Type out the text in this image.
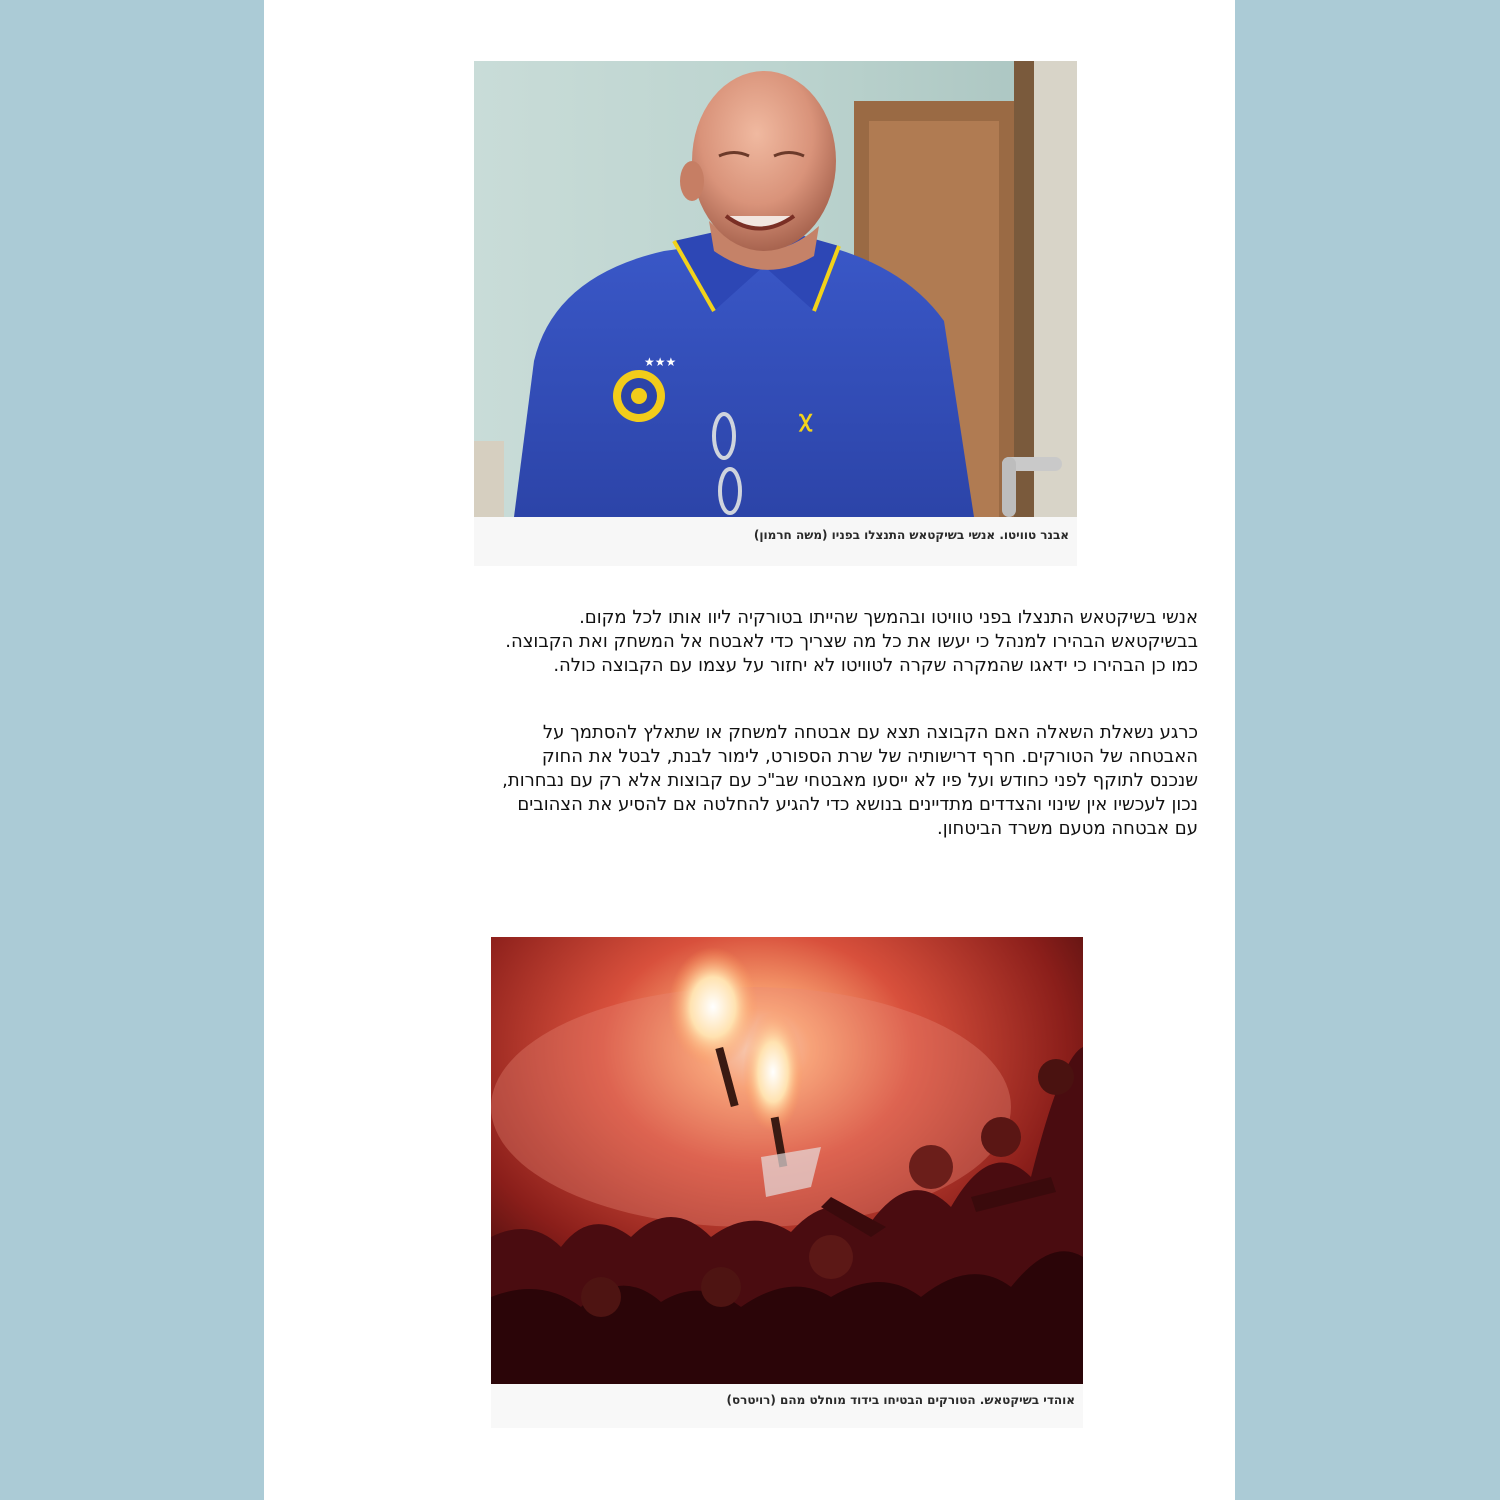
★★★
ꭓ
אבנר טוויטו. אנשי בשיקטאש התנצלו בפניו (משה חרמון)
אנשי בשיקטאש התנצלו בפני טוויטו ובהמשך שהייתו בטורקיה ליוו אותו לכל מקום.
בבשיקטאש הבהירו למנהל כי יעשו את כל מה שצריך כדי לאבטח אל המשחק ואת הקבוצה.
כמו כן הבהירו כי ידאגו שהמקרה שקרה לטוויטו לא יחזור על עצמו עם הקבוצה כולה.
כרגע נשאלת השאלה האם הקבוצה תצא עם אבטחה למשחק או שתאלץ להסתמך על
האבטחה של הטורקים. חרף דרישותיה של שרת הספורט, לימור לבנת, לבטל את החוק
שנכנס לתוקף לפני כחודש ועל פיו לא ייסעו מאבטחי שב"כ עם קבוצות אלא רק עם נבחרות,
נכון לעכשיו אין שינוי והצדדים מתדיינים בנושא כדי להגיע להחלטה אם להסיע את הצהובים
עם אבטחה מטעם משרד הביטחון.
אוהדי בשיקטאש. הטורקים הבטיחו בידוד מוחלט מהם (רויטרס)
